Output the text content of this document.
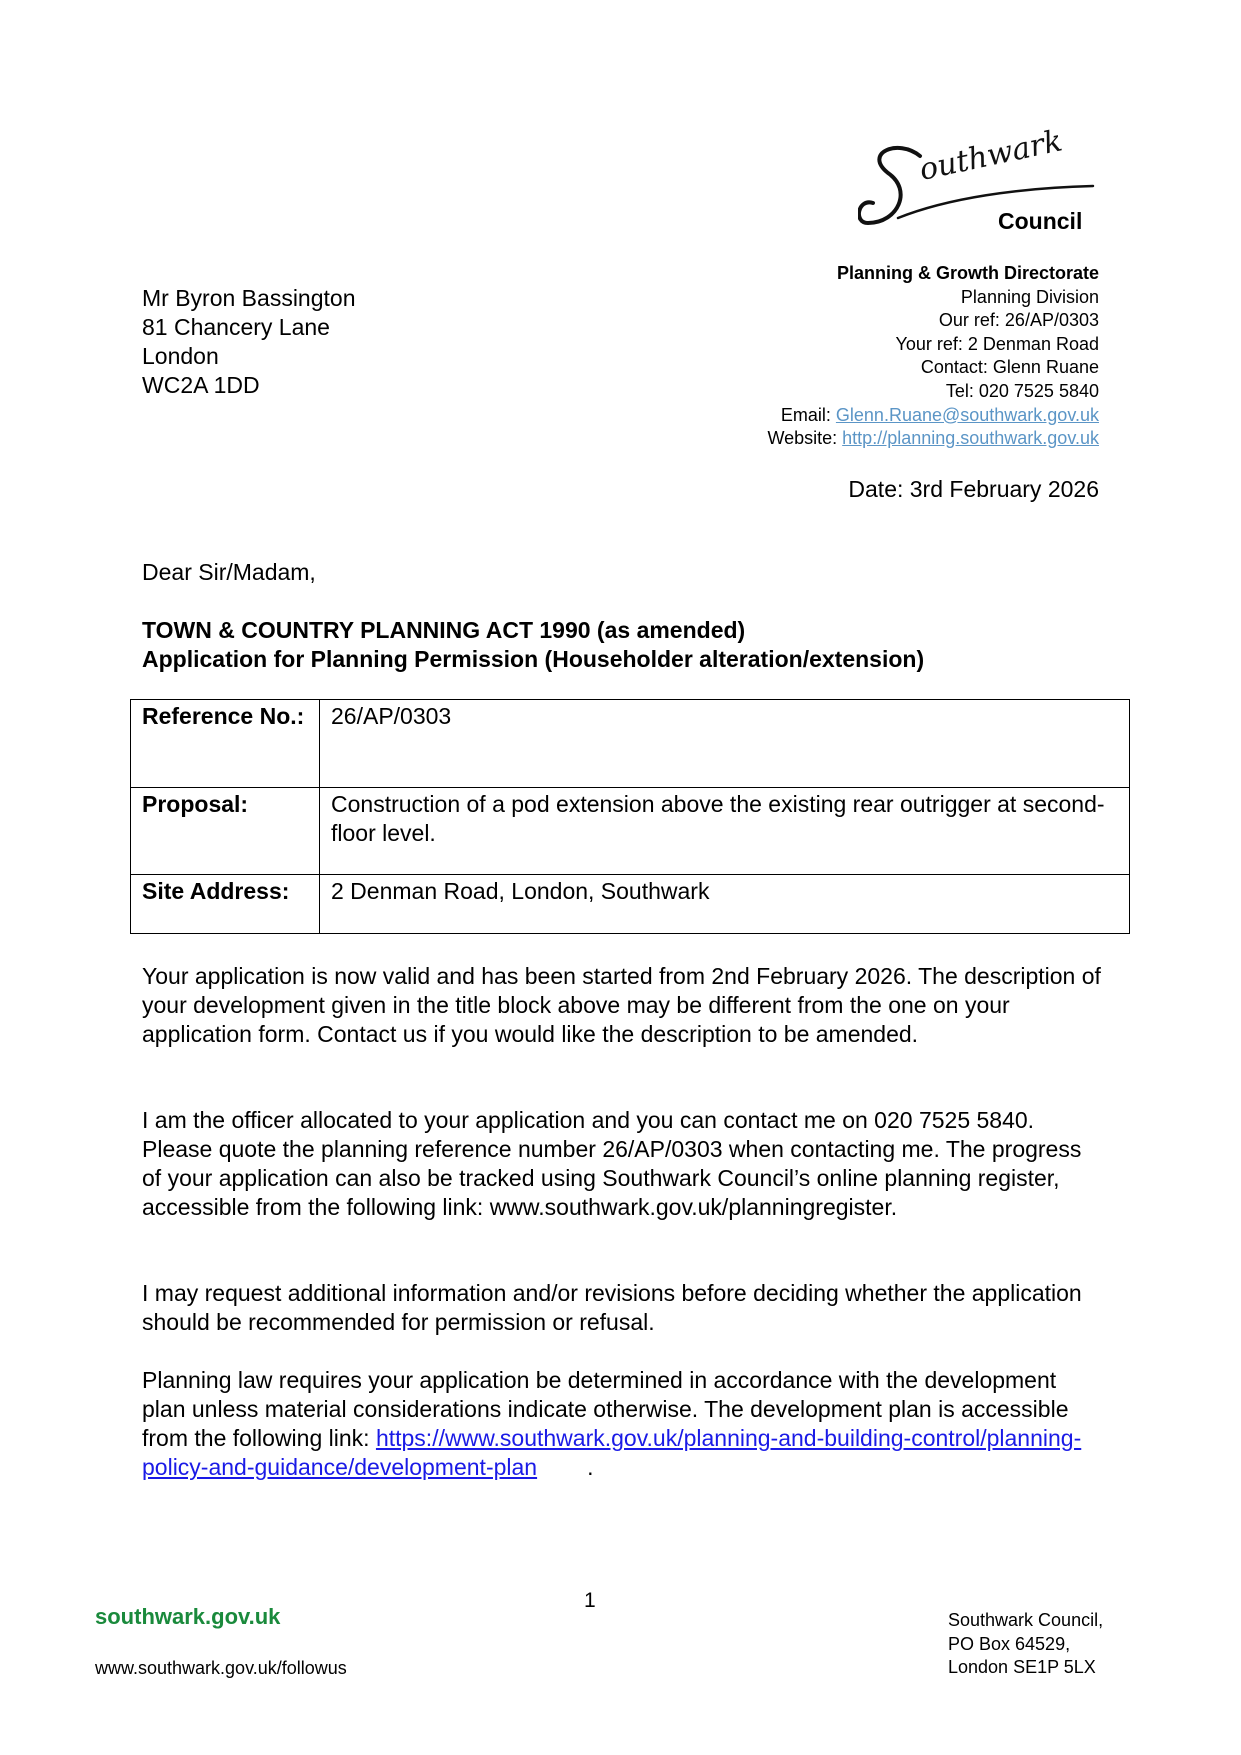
outhwark
Council
Mr Byron Bassington
81 Chancery Lane
London
WC2A 1DD
Planning & Growth Directorate
Planning Division
Our ref: 26/AP/0303
Your ref: 2 Denman Road
Contact: Glenn Ruane
Tel: 020 7525 5840
Email: Glenn.Ruane@southwark.gov.uk
Website: http://planning.southwark.gov.uk
Date: 3rd February 2026
Dear Sir/Madam,
TOWN & COUNTRY PLANNING ACT 1990 (as amended)
Application for Planning Permission (Householder alteration/extension)
Reference No.:	26/AP/0303
Proposal:	Construction of a pod extension above the existing rear outrigger at second-floor level.
Site Address:	2 Denman Road, London, Southwark
Your application is now valid and has been started from 2nd February 2026. The description of your development given in the title block above may be different from the one on your application form. Contact us if you would like the description to be amended.
I am the officer allocated to your application and you can contact me on 020 7525 5840. Please quote the planning reference number 26/AP/0303 when contacting me. The progress of your application can also be tracked using Southwark Council’s online planning register, accessible from the following link: www.southwark.gov.uk/planningregister.
I may request additional information and/or revisions before deciding whether the application should be recommended for permission or refusal.
Planning law requires your application be determined in accordance with the development plan unless material considerations indicate otherwise. The development plan is accessible from the following link: https://www.southwark.gov.uk/planning-and-building-control/planning-policy-and-guidance/development-plan .
1
southwark.gov.uk
www.southwark.gov.uk/followus
Southwark Council,
PO Box 64529,
London SE1P 5LX
